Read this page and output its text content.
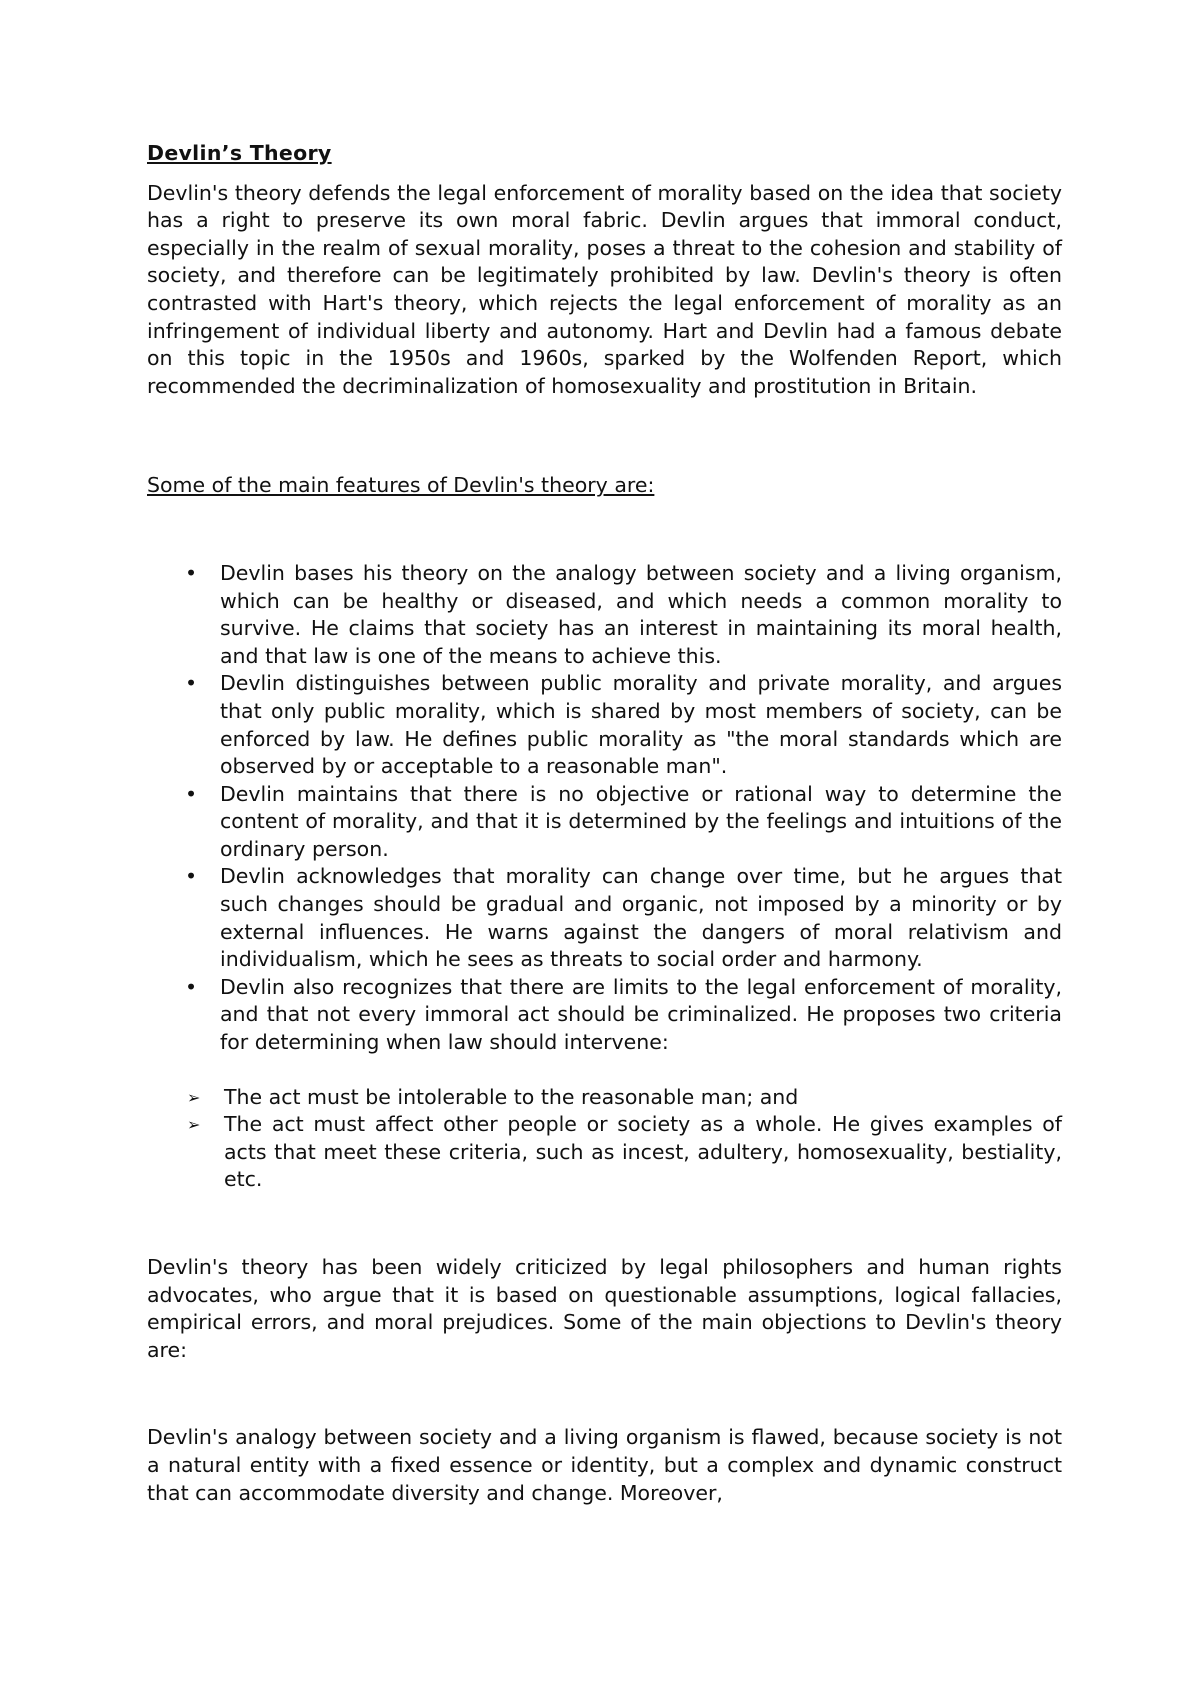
Devlin’s Theory

Devlin's theory defends the legal enforcement of morality based on the idea that society has a right to preserve its own moral fabric. Devlin argues that immoral conduct, especially in the realm of sexual morality, poses a threat to the cohesion and stability of society, and therefore can be legitimately prohibited by law. Devlin's theory is often contrasted with Hart's theory, which rejects the legal enforcement of morality as an infringement of individual liberty and autonomy. Hart and Devlin had a famous debate on this topic in the 1950s and 1960s, sparked by the Wolfenden Report, which recommended the decriminalization of homosexuality and prostitution in Britain.

Some of the main features of Devlin's theory are:

• Devlin bases his theory on the analogy between society and a living organism, which can be healthy or diseased, and which needs a common morality to survive. He claims that society has an interest in maintaining its moral health, and that law is one of the means to achieve this.
• Devlin distinguishes between public morality and private morality, and argues that only public morality, which is shared by most members of society, can be enforced by law. He defines public morality as "the moral standards which are observed by or acceptable to a reasonable man".
• Devlin maintains that there is no objective or rational way to determine the content of morality, and that it is determined by the feelings and intuitions of the ordinary person.
• Devlin acknowledges that morality can change over time, but he argues that such changes should be gradual and organic, not imposed by a minority or by external influences. He warns against the dangers of moral relativism and individualism, which he sees as threats to social order and harmony.
• Devlin also recognizes that there are limits to the legal enforcement of morality, and that not every immoral act should be criminalized. He proposes two criteria for determining when law should intervene:
➢ The act must be intolerable to the reasonable man; and
➢ The act must affect other people or society as a whole. He gives examples of acts that meet these criteria, such as incest, adultery, homosexuality, bestiality, etc.

Devlin's theory has been widely criticized by legal philosophers and human rights advocates, who argue that it is based on questionable assumptions, logical fallacies, empirical errors, and moral prejudices. Some of the main objections to Devlin's theory are:

Devlin's analogy between society and a living organism is flawed, because society is not a natural entity with a fixed essence or identity, but a complex and dynamic construct that can accommodate diversity and change. Moreover,
